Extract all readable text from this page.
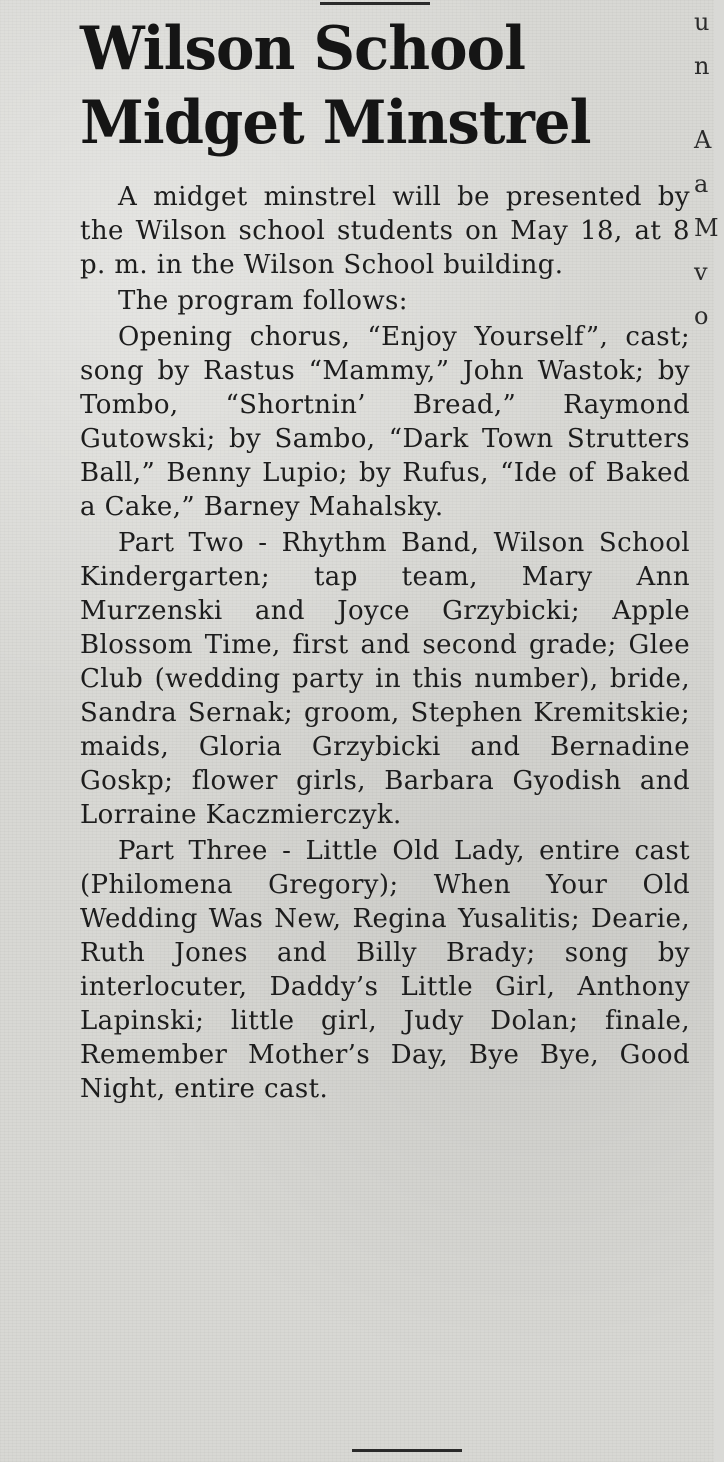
u
n
A
a
M
v
o
Wilson School
Midget Minstrel

A midget minstrel will be presented by the Wilson school students on May 18, at 8 p. m. in the Wilson School building.

The program follows:

Opening chorus, “Enjoy Yourself”, cast; song by Rastus “Mammy,” John Wastok; by Tombo, “Shortnin’ Bread,” Raymond Gutowski; by Sambo, “Dark Town Strutters Ball,” Benny Lupio; by Rufus, “Ide of Baked a Cake,” Barney Mahalsky.

Part Two - Rhythm Band, Wilson School Kindergarten; tap team, Mary Ann Murzenski and Joyce Grzybicki; Apple Blossom Time, first and second grade; Glee Club (wedding party in this number), bride, Sandra Sernak; groom, Stephen Kremitskie; maids, Gloria Grzybicki and Bernadine Goskp; flower girls, Barbara Gyodish and Lorraine Kaczmierczyk.

Part Three - Little Old Lady, entire cast (Philomena Gregory); When Your Old Wedding Was New, Regina Yusalitis; Dearie, Ruth Jones and Billy Brady; song by interlocuter, Daddy’s Little Girl, Anthony Lapinski; little girl, Judy Dolan; finale, Remember Mother’s Day, Bye Bye, Good Night, entire cast.
